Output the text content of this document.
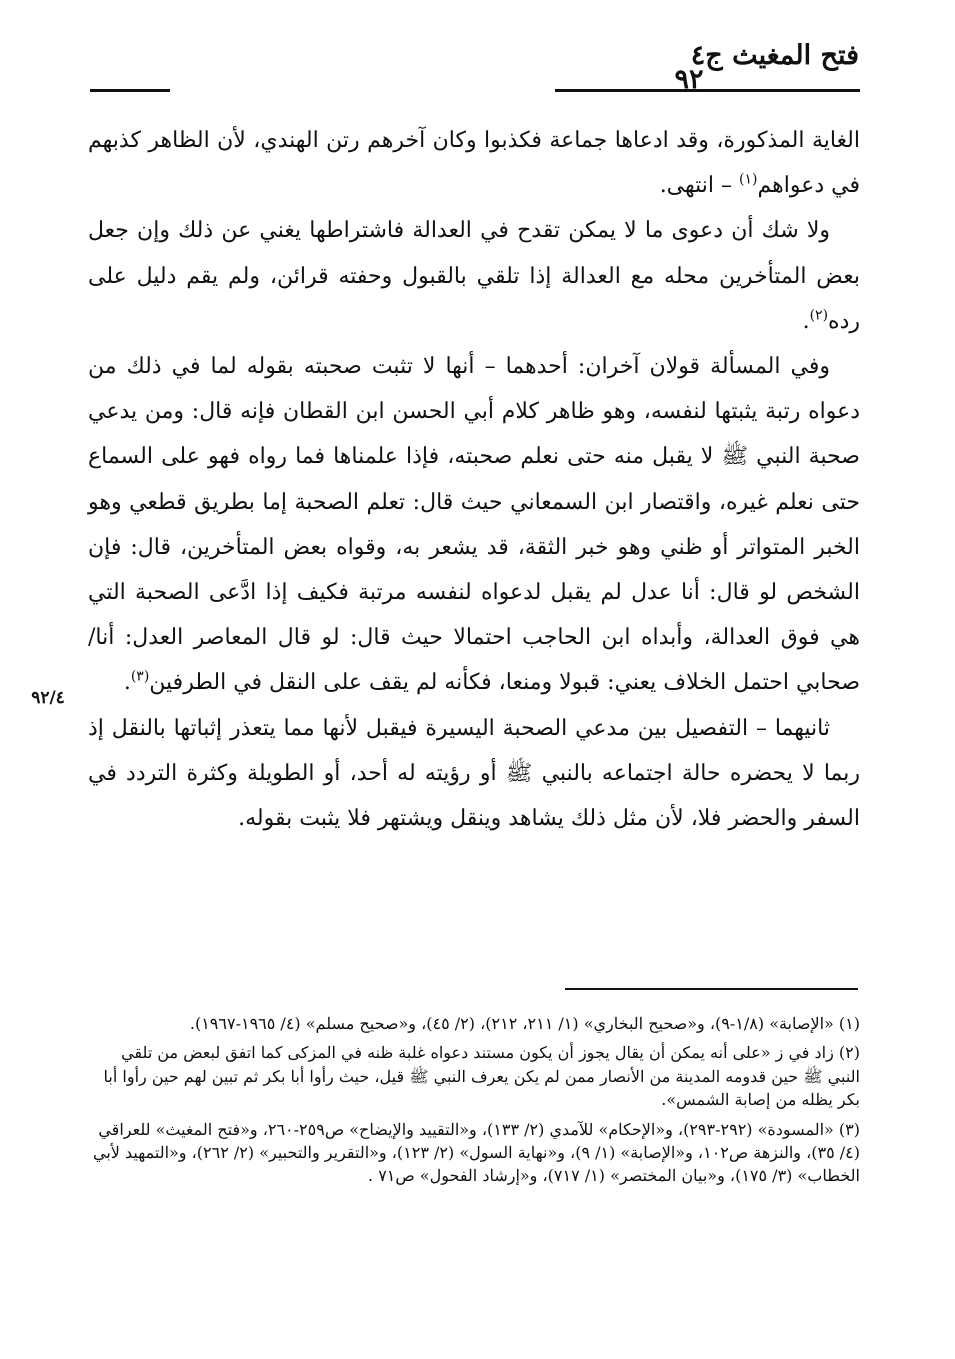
فتح المغيث ج٤
٩٢

الغاية المذكورة، وقد ادعاها جماعة فكذبوا وكان آخرهم رتن الهندي، لأن الظاهر كذبهم في دعواهم$^{(١)}$ – انتهى.

ولا شك أن دعوى ما لا يمكن تقدح في العدالة فاشتراطها يغني عن ذلك وإن جعل بعض المتأخرين محله مع العدالة إذا تلقي بالقبول وحفته قرائن، ولم يقم دليل على رده$^{(٢)}$.

وفي المسألة قولان آخران: أحدهما – أنها لا تثبت صحبته بقوله لما في ذلك من دعواه رتبة يثبتها لنفسه، وهو ظاهر كلام أبي الحسن ابن القطان فإنه قال: ومن يدعي صحبة النبي ﷺ لا يقبل منه حتى نعلم صحبته، فإذا علمناها فما رواه فهو على السماع حتى نعلم غيره، واقتصار ابن السمعاني حيث قال: تعلم الصحبة إما بطريق قطعي وهو الخبر المتواتر أو ظني وهو خبر الثقة، قد يشعر به، وقواه بعض المتأخرين، قال: فإن الشخص لو قال: أنا عدل لم يقبل لدعواه لنفسه مرتبة فكيف إذا ادَّعى الصحبة التي هي فوق العدالة، وأبداه ابن الحاجب احتمالا حيث قال: لو قال المعاصر العدل: أنا/ صحابي احتمل الخلاف يعني: قبولا ومنعا، فكأنه لم يقف على النقل في الطرفين$^{(٣)}$.

ثانيهما – التفصيل بين مدعي الصحبة اليسيرة فيقبل لأنها مما يتعذر إثباتها بالنقل إذ ربما لا يحضره حالة اجتماعه بالنبي ﷺ أو رؤيته له أحد، أو الطويلة وكثرة التردد في السفر والحضر فلا، لأن مثل ذلك يشاهد وينقل ويشتهر فلا يثبت بقوله.

٩٢/٤
(١) «الإصابة» (١/٨-٩)، و«صحيح البخاري» (١/ ٢١١، ٢١٢)، (٢/ ٤٥)، و«صحيح مسلم» (٤/ ١٩٦٥-١٩٦٧).
(٢) زاد في ز «على أنه يمكن أن يقال يجوز أن يكون مستند دعواه غلبة ظنه في المزكى كما اتفق لبعض من تلقي النبي ﷺ حين قدومه المدينة من الأنصار ممن لم يكن يعرف النبي ﷺ قيل، حيث رأوا أبا بكر ثم تبين لهم حين رأوا أبا بكر يظله من إصابة الشمس».
(٣) «المسودة» (٢٩٢-٢٩٣)، و«الإحكام» للآمدي (٢/ ١٣٣)، و«التقييد والإيضاح» ص٢٥٩-٢٦٠، و«فتح المغيث» للعراقي (٤/ ٣٥)، والنزهة ص١٠٢، و«الإصابة» (١/ ٩)، و«نهاية السول» (٢/ ١٢٣)، و«التقرير والتحبير» (٢/ ٢٦٢)، و«التمهيد لأبي الخطاب» (٣/ ١٧٥)، و«بيان المختصر» (١/ ٧١٧)، و«إرشاد الفحول» ص٧١ .
